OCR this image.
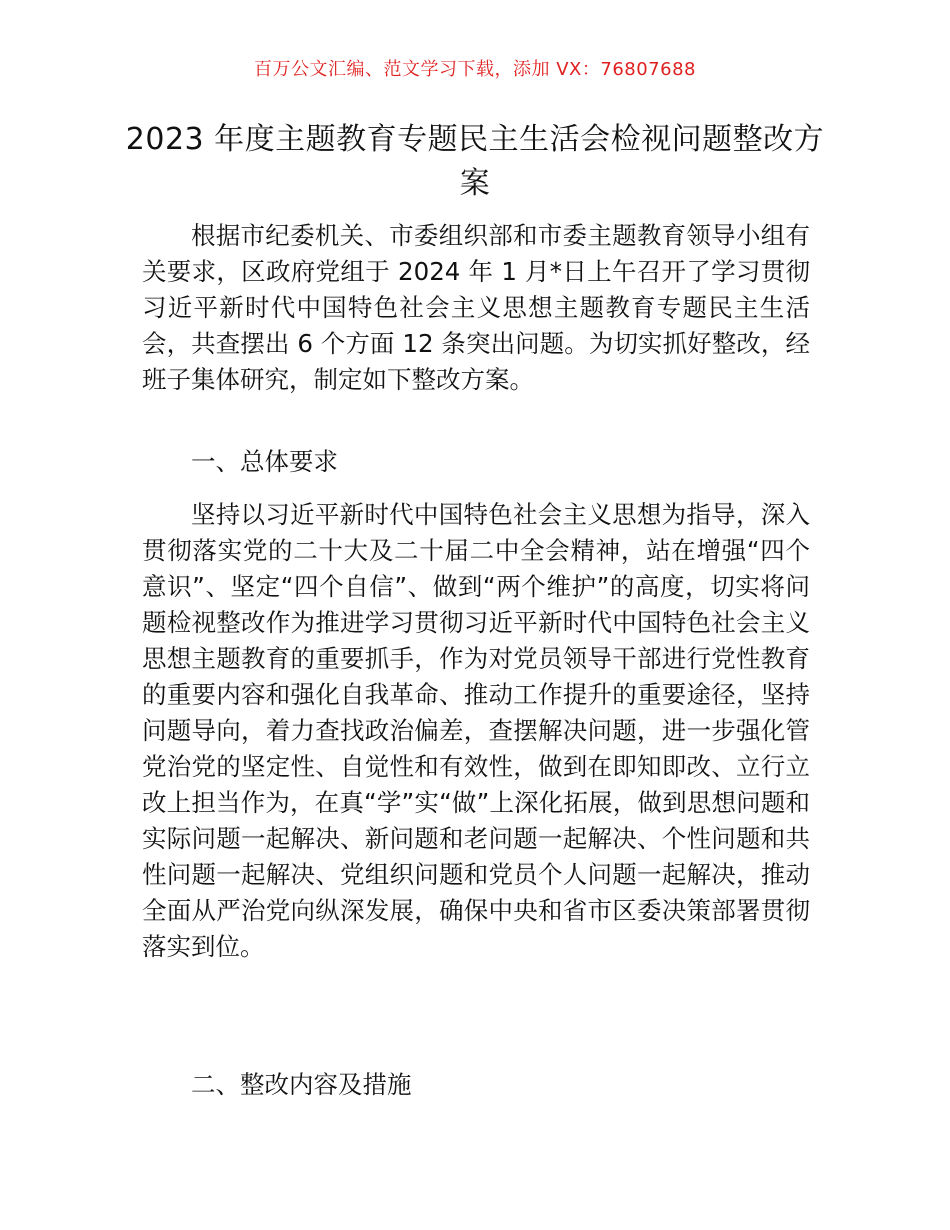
百万公文汇编、范文学习下载，添加 VX：76807688
2023 年度主题教育专题民主生活会检视问题整改方案

根据市纪委机关、市委组织部和市委主题教育领导小组有关要求，区政府党组于 2024 年 1 月*日上午召开了学习贯彻习近平新时代中国特色社会主义思想主题教育专题民主生活会，共查摆出 6 个方面 12 条突出问题。为切实抓好整改，经班子集体研究，制定如下整改方案。

一、总体要求

坚持以习近平新时代中国特色社会主义思想为指导，深入贯彻落实党的二十大及二十届二中全会精神，站在增强“四个意识”、坚定“四个自信”、做到“两个维护”的高度，切实将问题检视整改作为推进学习贯彻习近平新时代中国特色社会主义思想主题教育的重要抓手，作为对党员领导干部进行党性教育的重要内容和强化自我革命、推动工作提升的重要途径，坚持问题导向，着力查找政治偏差，查摆解决问题，进一步强化管党治党的坚定性、自觉性和有效性，做到在即知即改、立行立改上担当作为，在真“学”实“做”上深化拓展，做到思想问题和实际问题一起解决、新问题和老问题一起解决、个性问题和共性问题一起解决、党组织问题和党员个人问题一起解决，推动全面从严治党向纵深发展，确保中央和省市区委决策部署贯彻落实到位。

二、整改内容及措施
